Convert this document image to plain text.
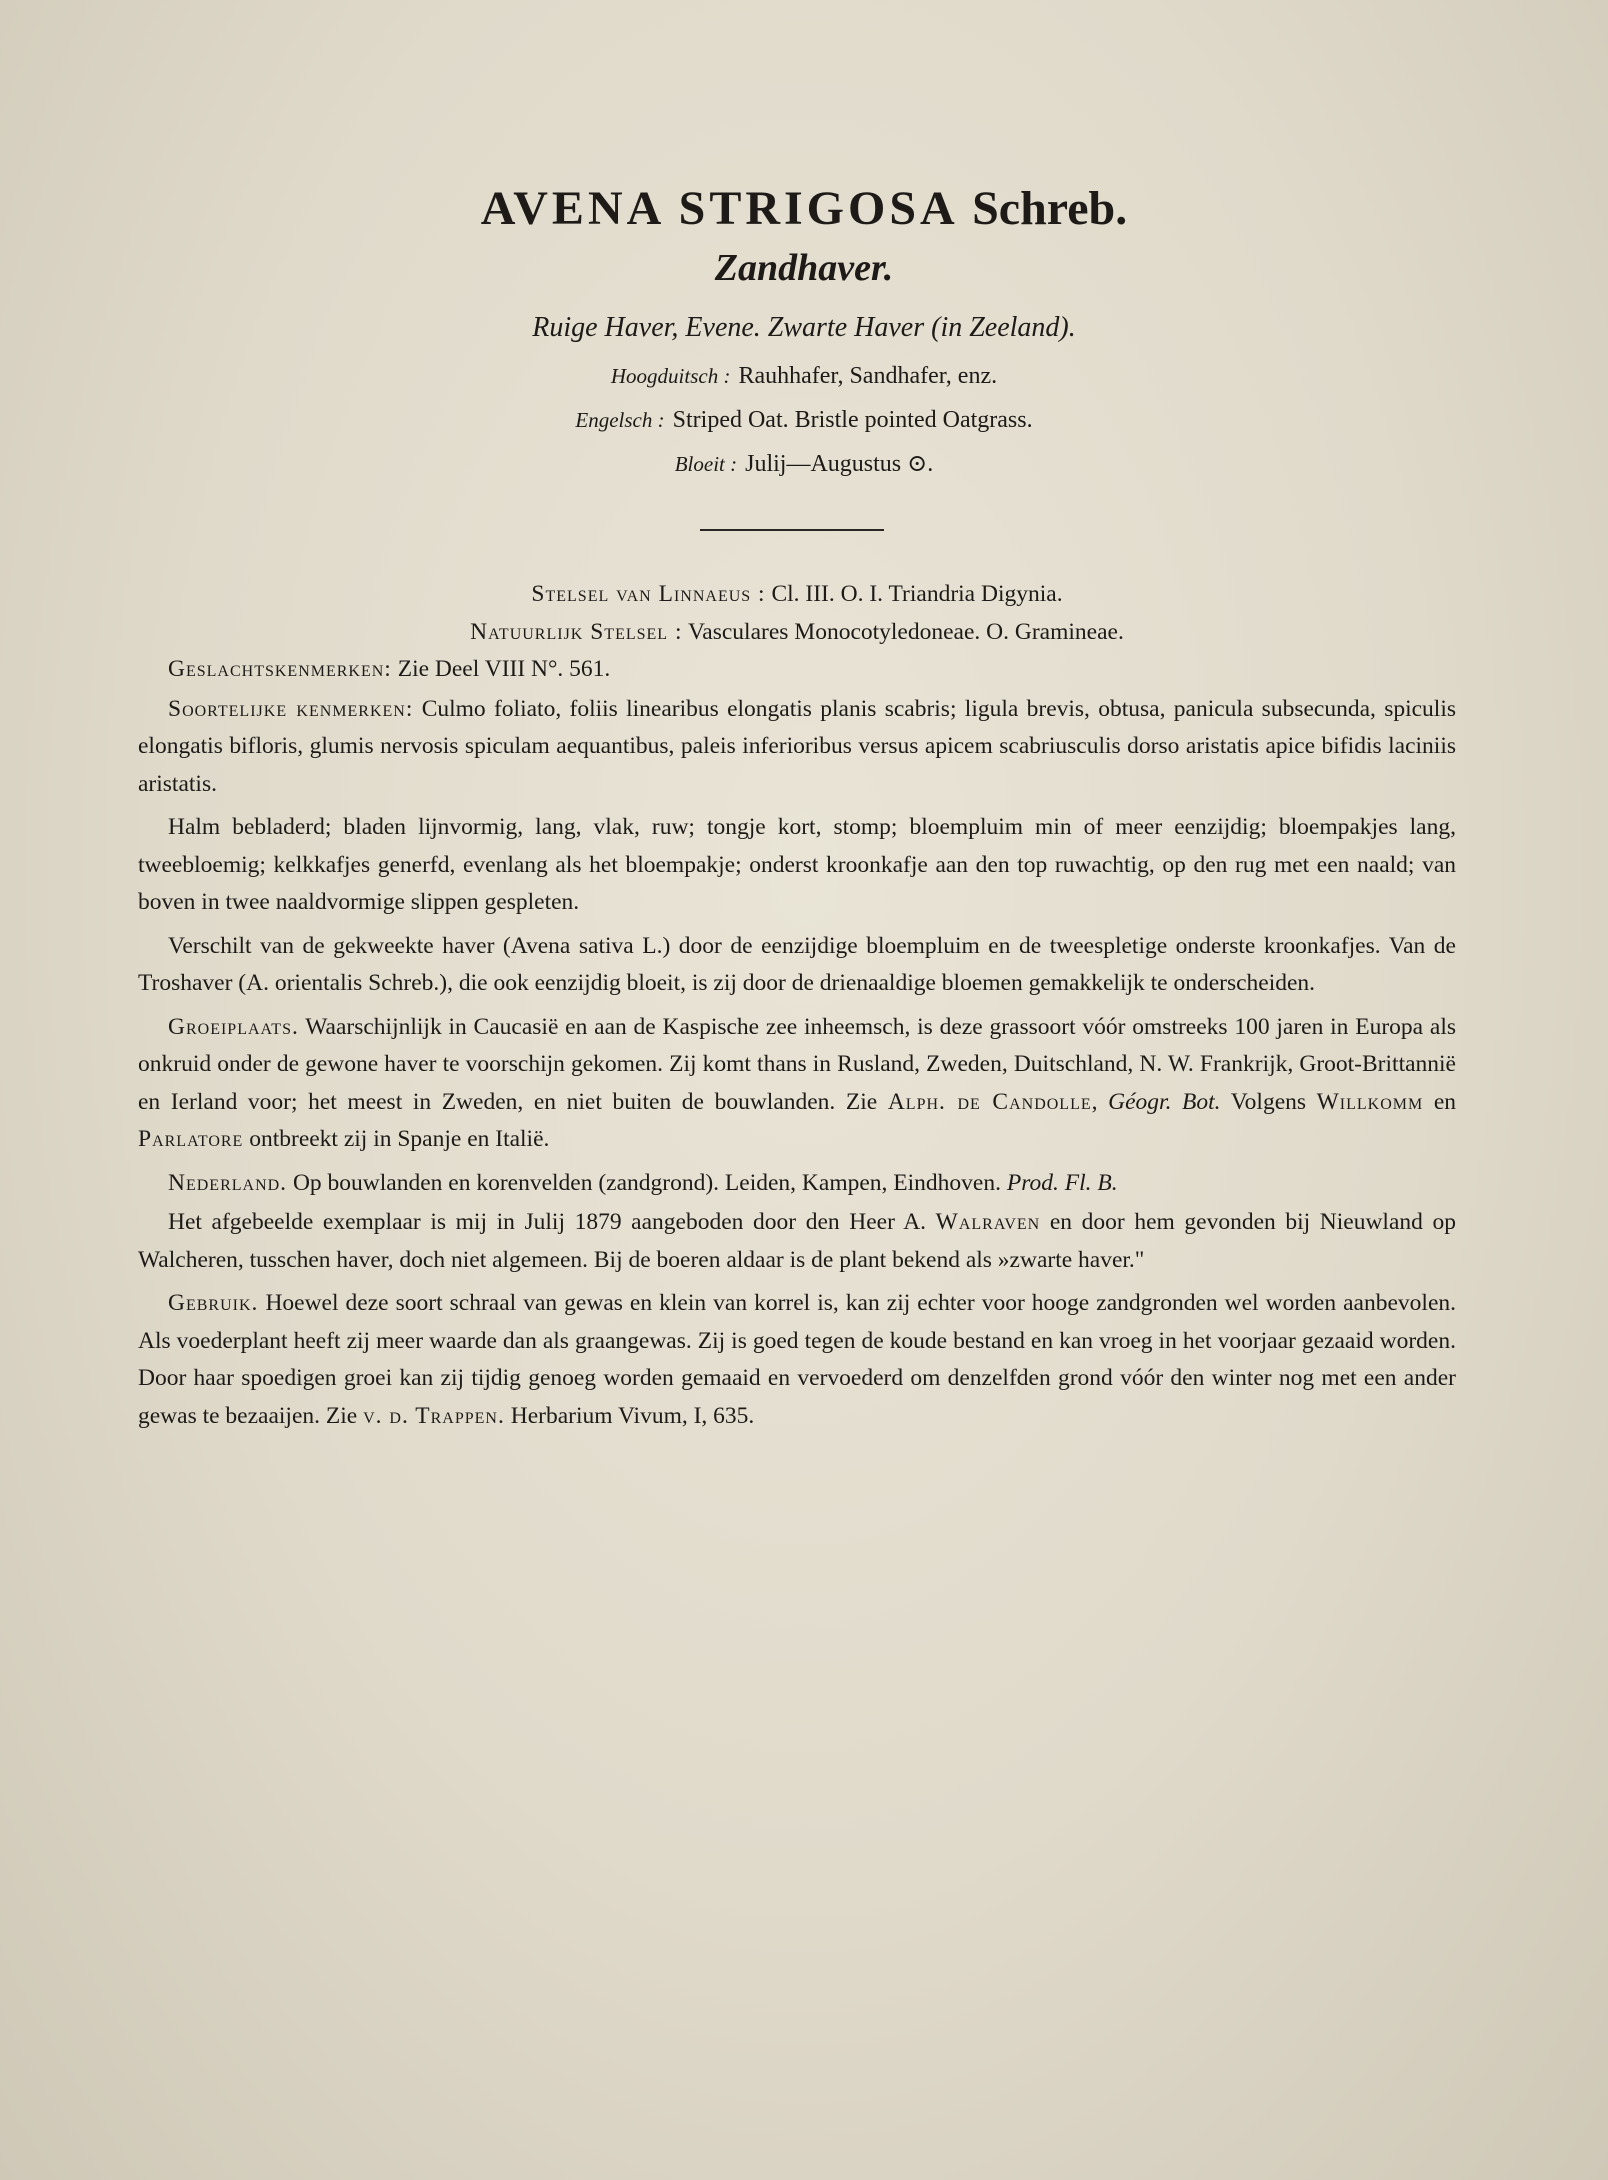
AVENA STRIGOSA Schreb.
Zandhaver.
Ruige Haver, Evene. Zwarte Haver (in Zeeland).
Hoogduitsch : Rauhhafer, Sandhafer, enz.
Engelsch : Striped Oat. Bristle pointed Oatgrass.
Bloeit : Julij—Augustus ⊙.
Stelsel van Linnaeus : Cl. III. O. I. Triandria Digynia.
Natuurlijk Stelsel : Vasculares Monocotyledoneae. O. Gramineae.

Geslachtskenmerken: Zie Deel VIII N°. 561.

Soortelijke kenmerken: Culmo foliato, foliis linearibus elongatis planis scabris; ligula brevis, obtusa, panicula subsecunda, spiculis elongatis bifloris, glumis nervosis spiculam aequantibus, paleis inferioribus versus apicem scabriusculis dorso aristatis apice bifidis laciniis aristatis.

Halm bebladerd; bladen lijnvormig, lang, vlak, ruw; tongje kort, stomp; bloempluim min of meer eenzijdig; bloempakjes lang, tweebloemig; kelkkafjes generfd, evenlang als het bloempakje; onderst kroonkafje aan den top ruwachtig, op den rug met een naald; van boven in twee naaldvormige slippen gespleten.

Verschilt van de gekweekte haver (Avena sativa L.) door de eenzijdige bloempluim en de tweespletige onderste kroonkafjes. Van de Troshaver (A. orientalis Schreb.), die ook eenzijdig bloeit, is zij door de drienaaldige bloemen gemakkelijk te onderscheiden.

Groeiplaats. Waarschijnlijk in Caucasië en aan de Kaspische zee inheemsch, is deze grassoort vóór omstreeks 100 jaren in Europa als onkruid onder de gewone haver te voorschijn gekomen. Zij komt thans in Rusland, Zweden, Duitschland, N. W. Frankrijk, Groot-Brittannië en Ierland voor; het meest in Zweden, en niet buiten de bouwlanden. Zie Alph. de Candolle, Géogr. Bot. Volgens Willkomm en Parlatore ontbreekt zij in Spanje en Italië.

Nederland. Op bouwlanden en korenvelden (zandgrond). Leiden, Kampen, Eindhoven. Prod. Fl. B.

Het afgebeelde exemplaar is mij in Julij 1879 aangeboden door den Heer A. Walraven en door hem gevonden bij Nieuwland op Walcheren, tusschen haver, doch niet algemeen. Bij de boeren aldaar is de plant bekend als »zwarte haver."

Gebruik. Hoewel deze soort schraal van gewas en klein van korrel is, kan zij echter voor hooge zandgronden wel worden aanbevolen. Als voederplant heeft zij meer waarde dan als graangewas. Zij is goed tegen de koude bestand en kan vroeg in het voorjaar gezaaid worden. Door haar spoedigen groei kan zij tijdig genoeg worden gemaaid en vervoederd om denzelfden grond vóór den winter nog met een ander gewas te bezaaijen. Zie v. d. Trappen. Herbarium Vivum, I, 635.
